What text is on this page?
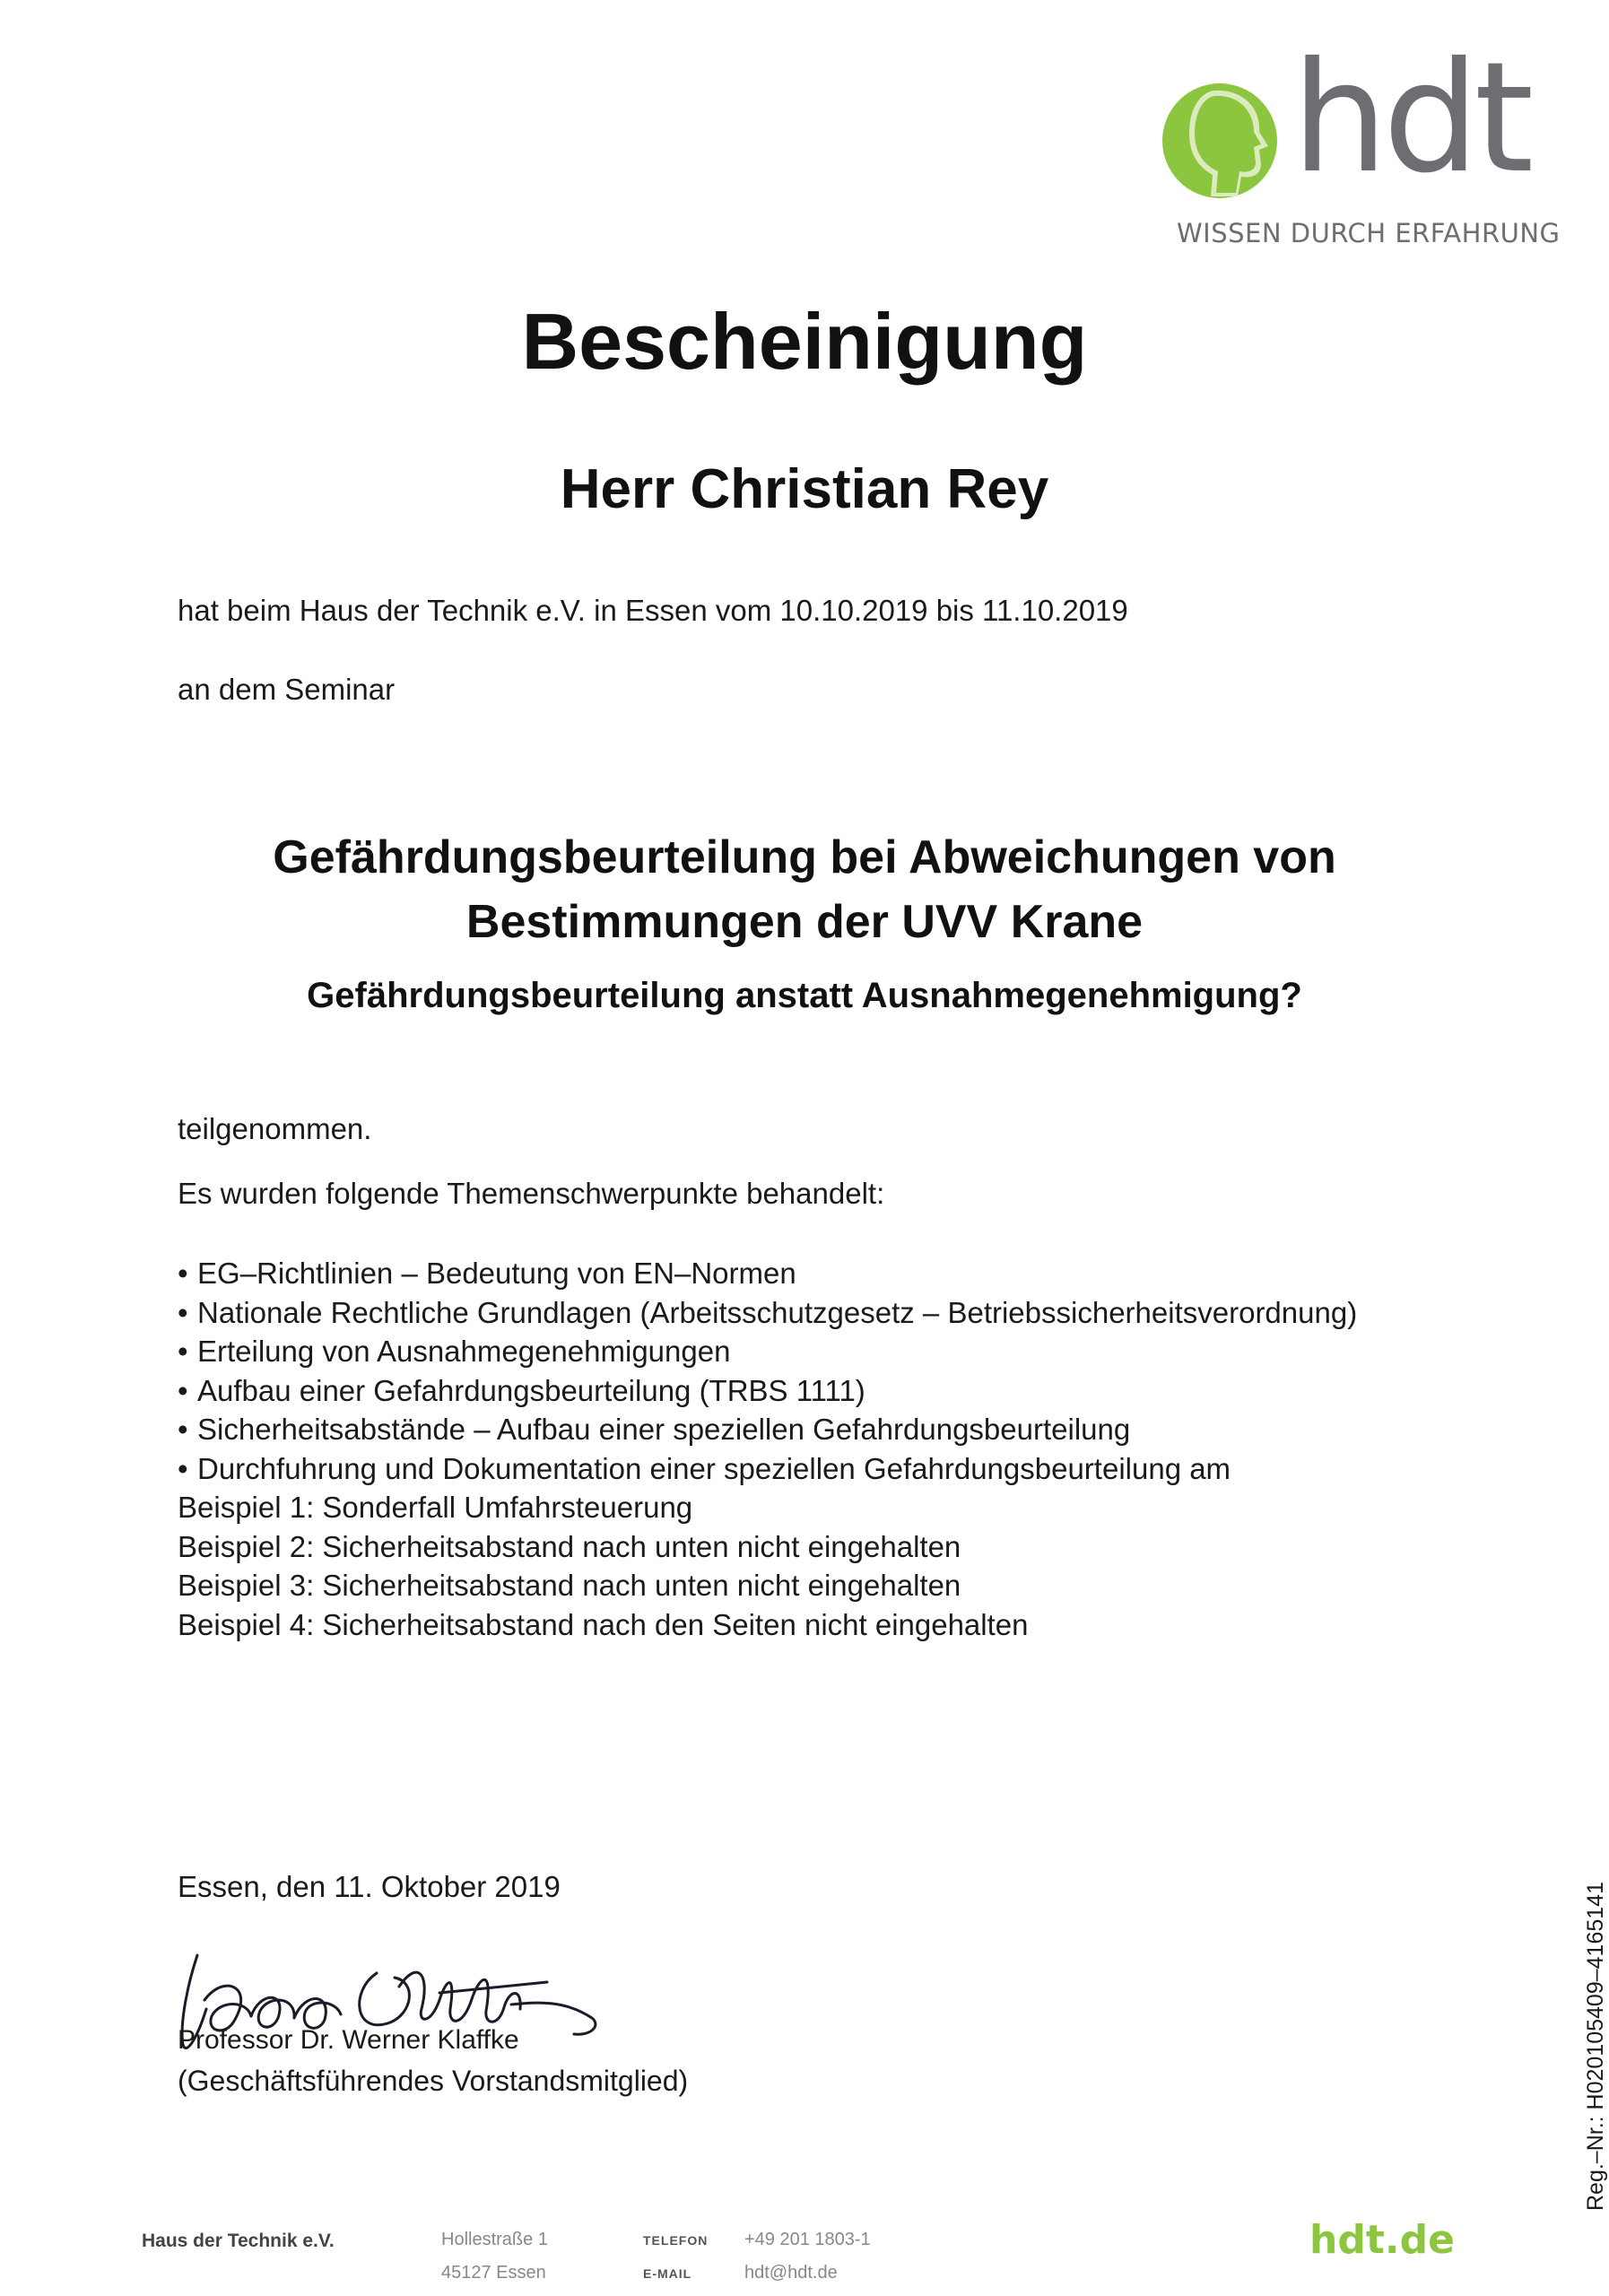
hdt
WISSEN DURCH ERFAHRUNG
Bescheinigung
Herr Christian Rey
hat beim Haus der Technik e.V. in Essen vom 10.10.2019 bis 11.10.2019
an dem Seminar
Gefährdungsbeurteilung bei Abweichungen von
Bestimmungen der UVV Krane
Gefährdungsbeurteilung anstatt Ausnahmegenehmigung?
teilgenommen.
Es wurden folgende Themenschwerpunkte behandelt:
• EG–Richtlinien – Bedeutung von EN–Normen
• Nationale Rechtliche Grundlagen (Arbeitsschutzgesetz – Betriebssicherheitsverordnung)
• Erteilung von Ausnahmegenehmigungen
• Aufbau einer Gefahrdungsbeurteilung (TRBS 1111)
• Sicherheitsabstände – Aufbau einer speziellen Gefahrdungsbeurteilung
• Durchfuhrung und Dokumentation einer speziellen Gefahrdungsbeurteilung am
Beispiel 1: Sonderfall Umfahrsteuerung
Beispiel 2: Sicherheitsabstand nach unten nicht eingehalten
Beispiel 3: Sicherheitsabstand nach unten nicht eingehalten
Beispiel 4: Sicherheitsabstand nach den Seiten nicht eingehalten
Essen, den 11. Oktober 2019
Professor Dr. Werner Klaffke
(Geschäftsführendes Vorstandsmitglied)	Reg.–Nr.: H020105409–4165141
Haus der Technik e.V.	Hollestraße 1
45127 Essen
TELEFON
E-MAIL
+49 201 1803-1
hdt@hdt.de
hdt.de
